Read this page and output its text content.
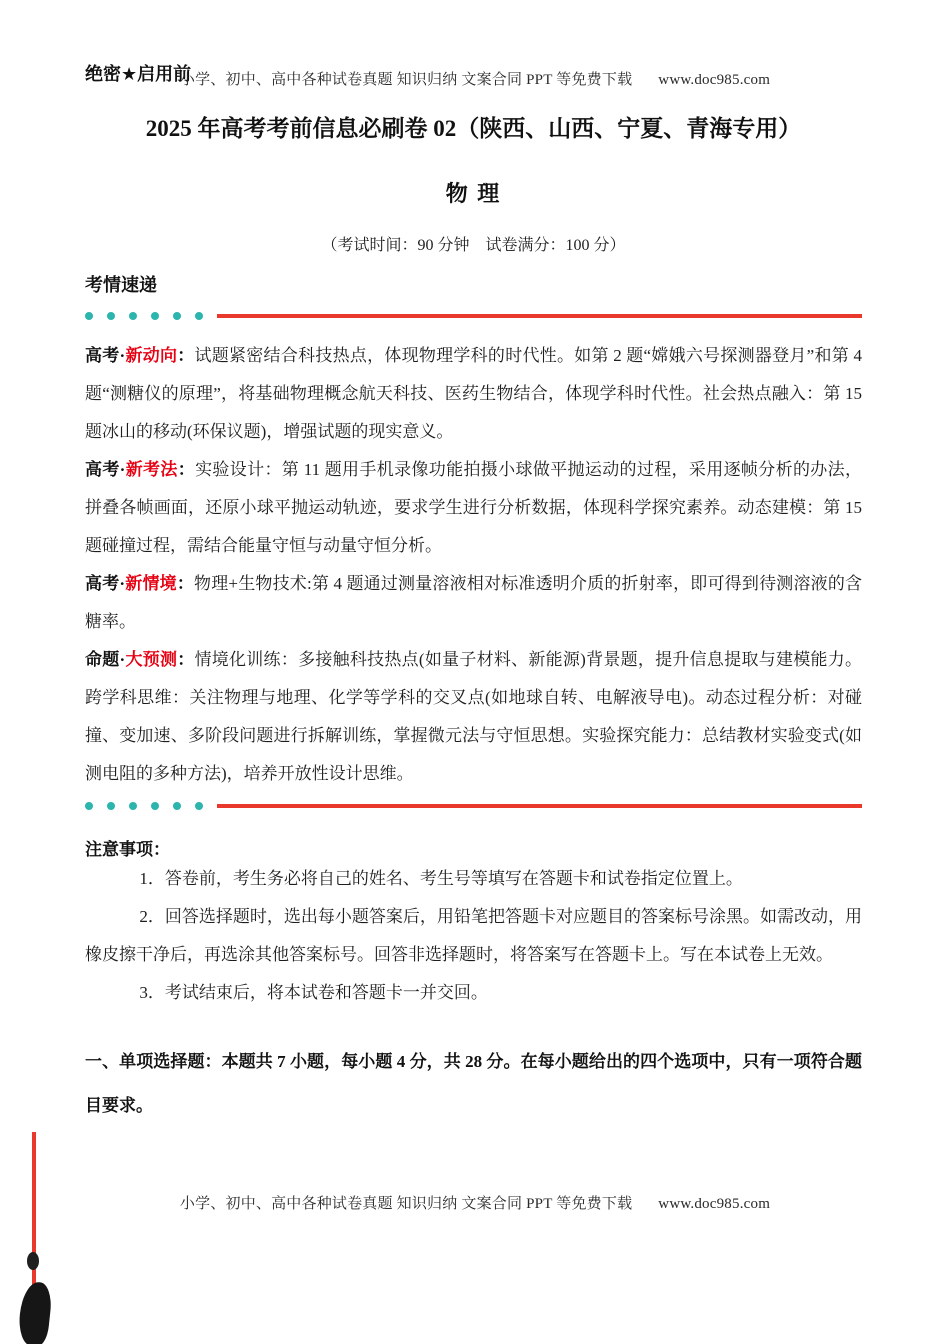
小学、初中、高中各种试卷真题 知识归纳 文案合同 PPT 等免费下载 www.doc985.com
绝密★启用前
2025 年高考考前信息必刷卷 02（陕西、山西、宁夏、青海专用）
物 理
（考试时间：90 分钟　试卷满分：100 分）
考情速递

高考·新动向：试题紧密结合科技热点，体现物理学科的时代性。如第 2 题“嫦娥六号探测器登月”和第 4 题“测糖仪的原理”，将基础物理概念航天科技、医药生物结合，体现学科时代性。社会热点融入：第 15 题冰山的移动(环保议题)，增强试题的现实意义。

高考·新考法：实验设计：第 11 题用手机录像功能拍摄小球做平抛运动的过程，采用逐帧分析的办法，拼叠各帧画面，还原小球平抛运动轨迹，要求学生进行分析数据，体现科学探究素养。动态建模：第 15 题碰撞过程，需结合能量守恒与动量守恒分析。

高考·新情境：物理+生物技术:第 4 题通过测量溶液相对标准透明介质的折射率，即可得到待测溶液的含糖率。

命题·大预测：情境化训练：多接触科技热点(如量子材料、新能源)背景题，提升信息提取与建模能力。跨学科思维：关注物理与地理、化学等学科的交叉点(如地球自转、电解液导电)。动态过程分析：对碰撞、变加速、多阶段问题进行拆解训练，掌握微元法与守恒思想。实验探究能力：总结教材实验变式(如测电阻的多种方法)，培养开放性设计思维。

注意事项：

1．答卷前，考生务必将自己的姓名、考生号等填写在答题卡和试卷指定位置上。

2．回答选择题时，选出每小题答案后，用铅笔把答题卡对应题目的答案标号涂黑。如需改动，用橡皮擦干净后，再选涂其他答案标号。回答非选择题时，将答案写在答题卡上。写在本试卷上无效。

3．考试结束后，将本试卷和答题卡一并交回。

一、单项选择题：本题共 7 小题，每小题 4 分，共 28 分。在每小题给出的四个选项中，只有一项符合题目要求。
小学、初中、高中各种试卷真题 知识归纳 文案合同 PPT 等免费下载 www.doc985.com
